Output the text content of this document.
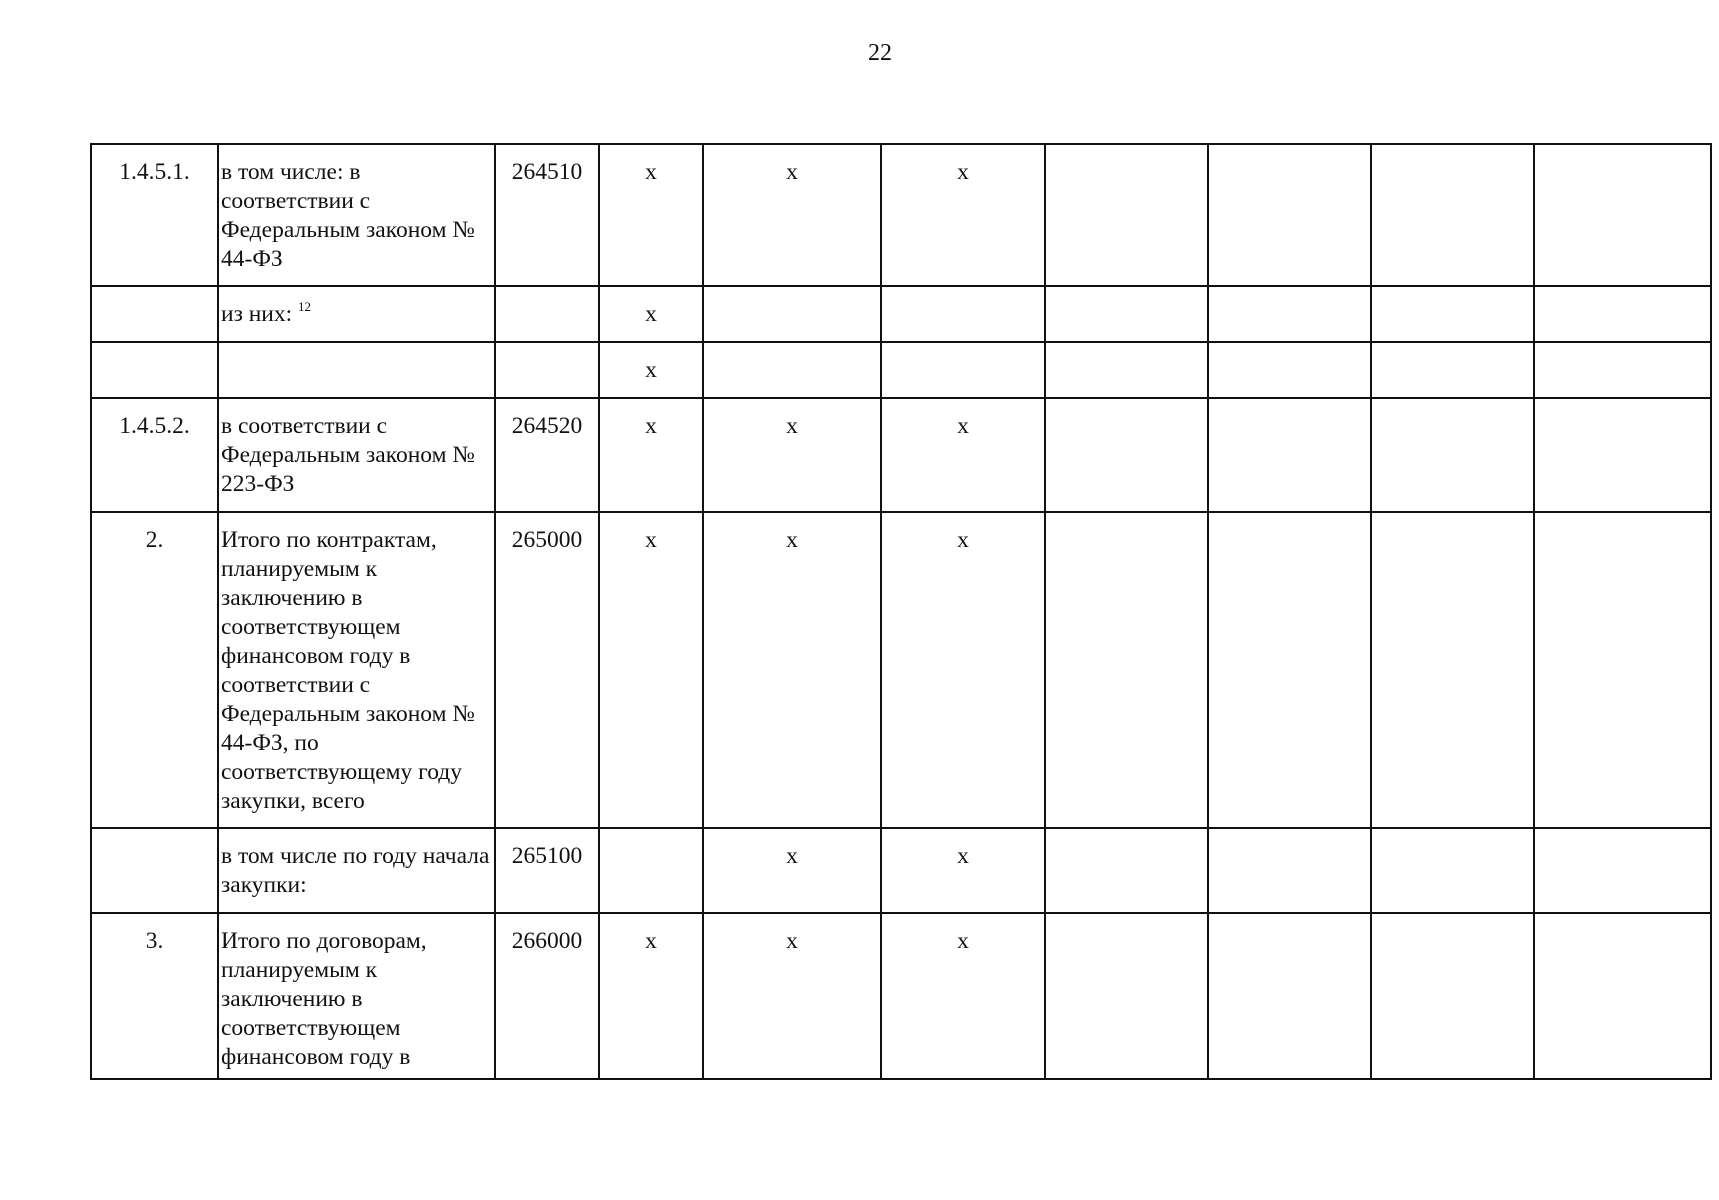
22
1.4.5.1.	в том числе: в соответствии с Федеральным законом № 44-ФЗ	264510	x	x	x				
	из них: $^{12}$		x						
			x						
1.4.5.2.	в соответствии с Федеральным законом № 223-ФЗ	264520	x	x	x				
2.	Итого по контрактам, планируемым к заключению в соответствующем финансовом году в соответствии с Федеральным законом № 44-ФЗ, по соответствующему году закупки, всего	265000	x	x	x				
	в том числе по году начала закупки:	265100		x	x				
3.	Итого по договорам, планируемым к заключению в соответствующем финансовом году в	266000	x	x	x				
